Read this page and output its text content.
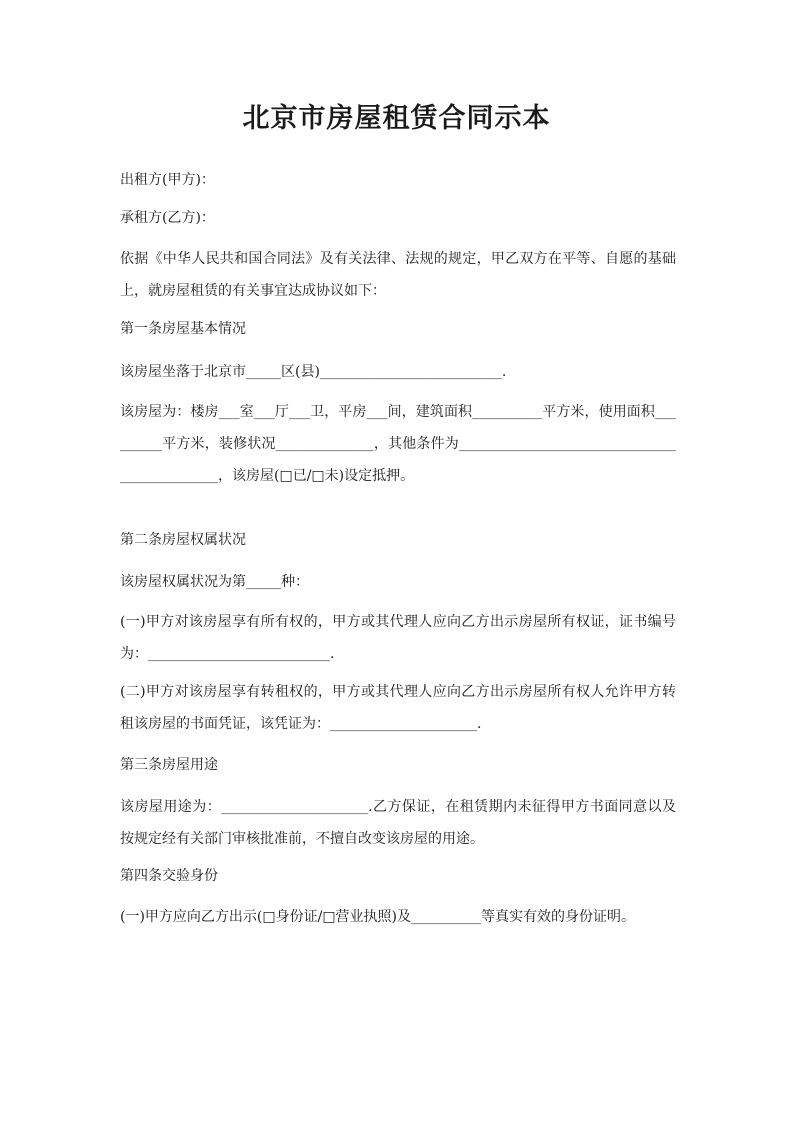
北京市房屋租赁合同示本

出租方(甲方)：

承租方(乙方)：

依据《中华人民共和国合同法》及有关法律、法规的规定，甲乙双方在平等、自愿的基础上，就房屋租赁的有关事宜达成协议如下：

第一条房屋基本情况

该房屋坐落于北京市_____区(县)__________________________.

该房屋为：楼房___室___厅___卫，平房___间，建筑面积__________平方米，使用面积_________平方米，装修状况______________，其他条件为_____________________________________________，该房屋(□已/□未)设定抵押。

第二条房屋权属状况

该房屋权属状况为第_____种：

(一)甲方对该房屋享有所有权的，甲方或其代理人应向乙方出示房屋所有权证，证书编号为：__________________________.

(二)甲方对该房屋享有转租权的，甲方或其代理人应向乙方出示房屋所有权人允许甲方转租该房屋的书面凭证，该凭证为：_____________________.

第三条房屋用途

该房屋用途为：_____________________.乙方保证，在租赁期内未征得甲方书面同意以及按规定经有关部门审核批准前，不擅自改变该房屋的用途。

第四条交验身份

(一)甲方应向乙方出示(□身份证/□营业执照)及__________等真实有效的身份证明。
